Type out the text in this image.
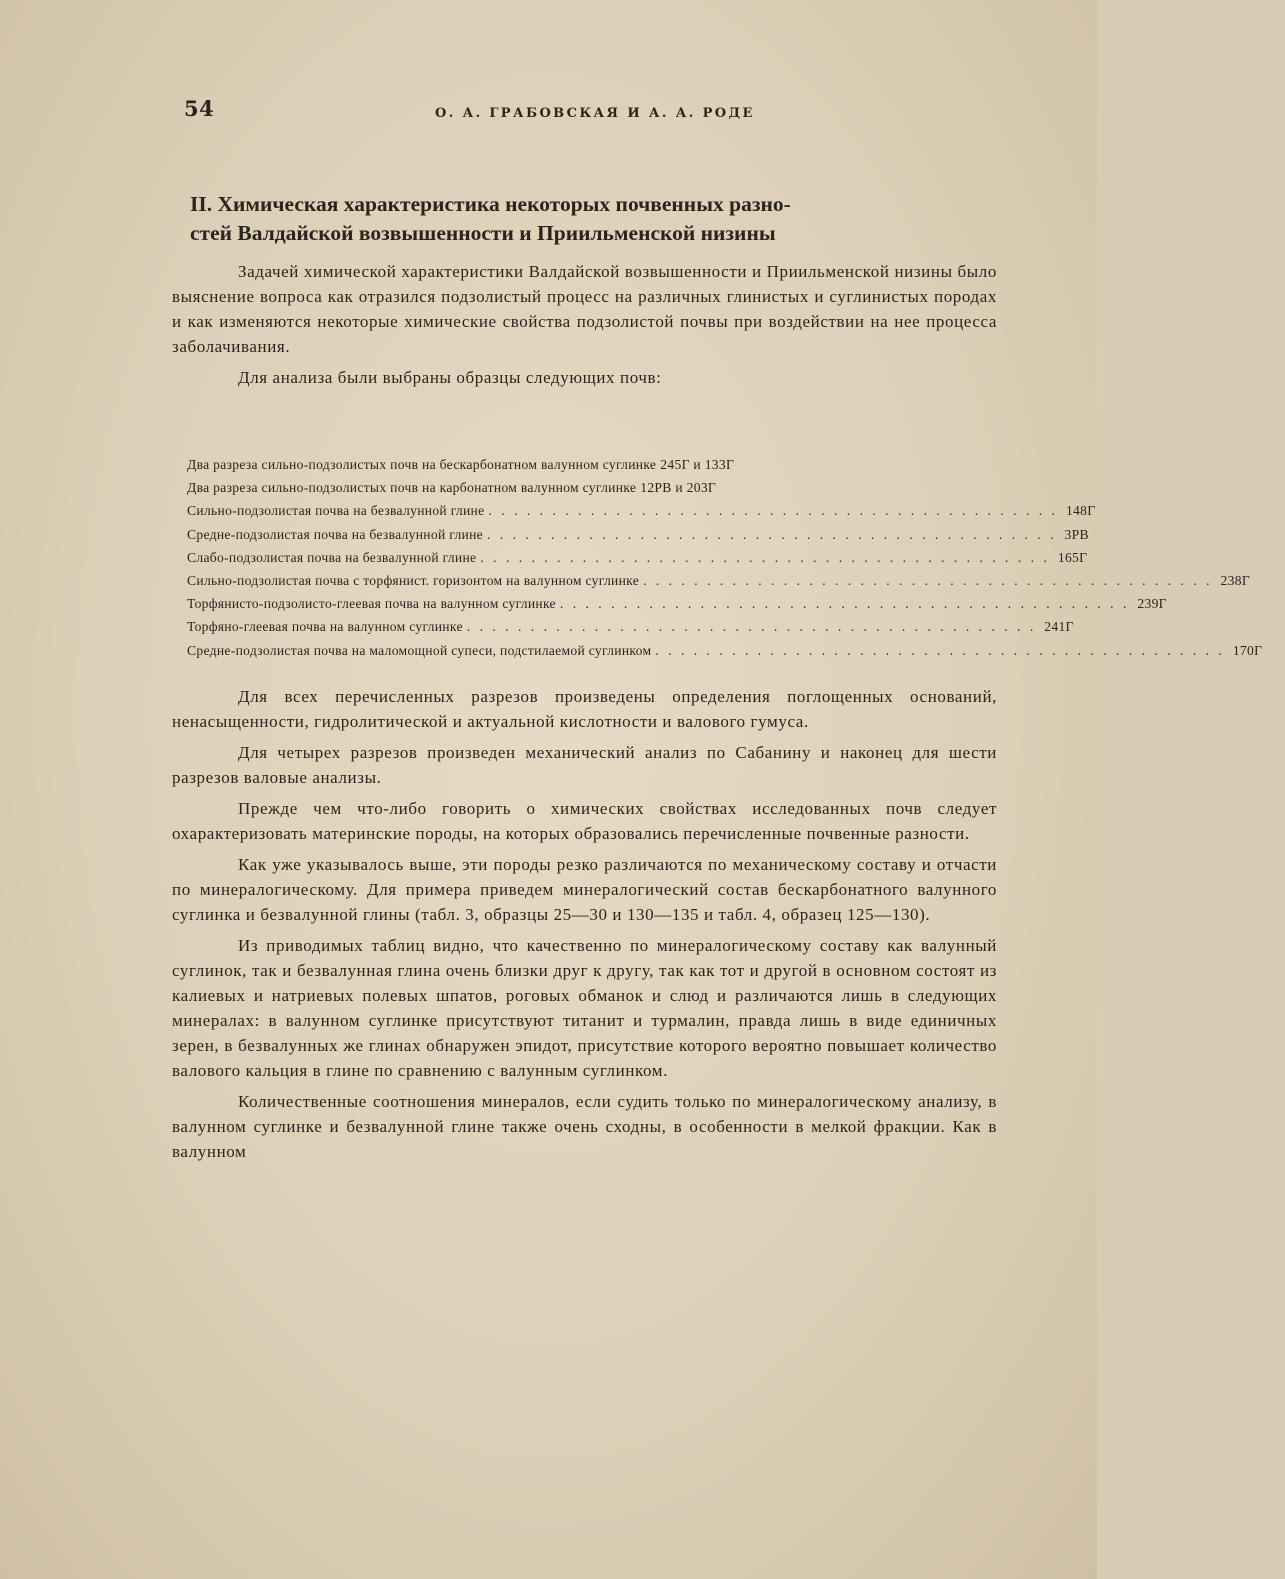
54	О. А. ГРАБОВСКАЯ И А. А. РОДЕ
II. Химическая характеристика некоторых почвенных разно-
стей Валдайской возвышенности и Приильменской низины

Задачей химической характеристики Валдайской возвышенности и Приильменской низины было выяснение вопроса как отразился подзолистый процесс на различных глинистых и суглинистых породах и как изменяются некоторые химические свойства подзолистой почвы при воздействии на нее процесса заболачивания.

Для анализа были выбраны образцы следующих почв:

Два разреза сильно-подзолистых почв на бескарбонатном валунном суглинке 245Г и 133Г
Два разреза сильно-подзолистых почв на карбонатном валунном суглинке 12РВ и 203Г
Сильно-подзолистая почва на безвалунной глине . . . . . . . . . . . . . . . . . . . . . . . . . . . . . . . . . . . . . . . . . . . . . 148Г
Средне-подзолистая почва на безвалунной глине . . . . . . . . . . . . . . . . . . . . . . . . . . . . . . . . . . . . . . . . . . . . . 3РВ
Слабо-подзолистая почва на безвалунной глине . . . . . . . . . . . . . . . . . . . . . . . . . . . . . . . . . . . . . . . . . . . . . 165Г
Сильно-подзолистая почва с торфянист. горизонтом на валунном суглинке . . . . . . . . . . . . . . . . . . . . . . . . . . . . . . . . . . . . . . . . . . . . . 238Г
Торфянисто-подзолисто-глеевая почва на валунном суглинке . . . . . . . . . . . . . . . . . . . . . . . . . . . . . . . . . . . . . . . . . . . . . 239Г
Торфяно-глеевая почва на валунном суглинке . . . . . . . . . . . . . . . . . . . . . . . . . . . . . . . . . . . . . . . . . . . . . 241Г
Средне-подзолистая почва на маломощной супеси, подстилаемой суглинком . . . . . . . . . . . . . . . . . . . . . . . . . . . . . . . . . . . . . . . . . . . . . 170Г

Для всех перечисленных разрезов произведены определения поглощенных оснований, ненасыщенности, гидролитической и актуальной кислотности и валового гумуса.

Для четырех разрезов произведен механический анализ по Сабанину и наконец для шести разрезов валовые анализы.

Прежде чем что-либо говорить о химических свойствах исследованных почв следует охарактеризовать материнские породы, на которых образовались перечисленные почвенные разности.

Как уже указывалось выше, эти породы резко различаются по механическому составу и отчасти по минералогическому. Для примера приведем минералогический состав бескарбонатного валунного суглинка и безвалунной глины (табл. 3, образцы 25—30 и 130—135 и табл. 4, образец 125—130).

Из приводимых таблиц видно, что качественно по минералогическому составу как валунный суглинок, так и безвалунная глина очень близки друг к другу, так как тот и другой в основном состоят из калиевых и натриевых полевых шпатов, роговых обманок и слюд и различаются лишь в следующих минералах: в валунном суглинке присутствуют титанит и турмалин, правда лишь в виде единичных зерен, в безвалунных же глинах обнаружен эпидот, присутствие которого вероятно повышает количество валового кальция в глине по сравнению с валунным суглинком.

Количественные соотношения минералов, если судить только по минералогическому анализу, в валунном суглинке и безвалунной глине также очень сходны, в особенности в мелкой фракции. Как в валунном
